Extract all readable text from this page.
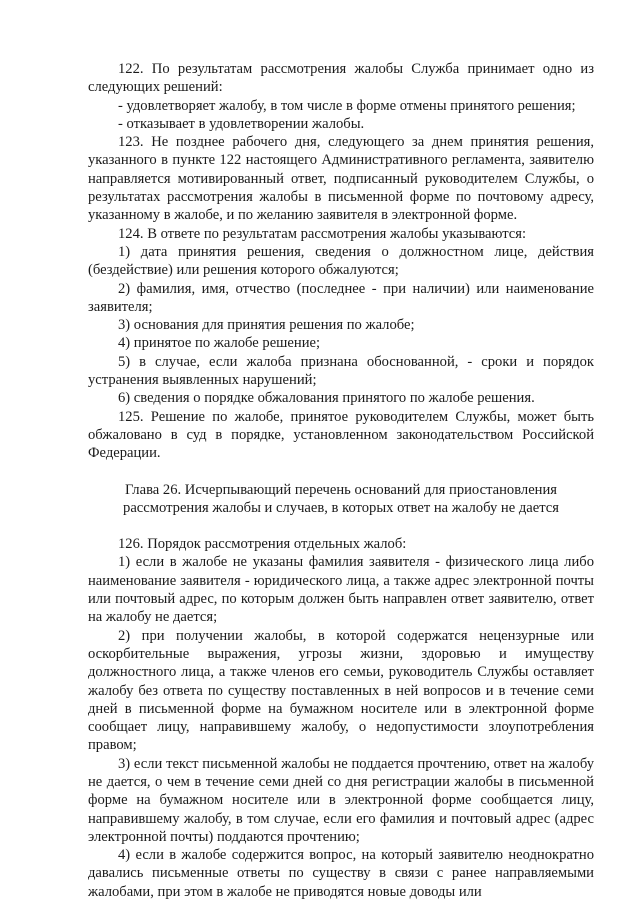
122. По результатам рассмотрения жалобы Служба принимает одно из следующих решений:

- удовлетворяет жалобу, в том числе в форме отмены принятого решения;

- отказывает в удовлетворении жалобы.

123. Не позднее рабочего дня, следующего за днем принятия решения, указанного в пункте 122 настоящего Административного регламента, заявителю направляется мотивированный ответ, подписанный руководителем Службы, о результатах рассмотрения жалобы в письменной форме по почтовому адресу, указанному в жалобе, и по желанию заявителя в электронной форме.

124. В ответе по результатам рассмотрения жалобы указываются:

1) дата принятия решения, сведения о должностном лице, действия (бездействие) или решения которого обжалуются;

2) фамилия, имя, отчество (последнее - при наличии) или наименование заявителя;

3) основания для принятия решения по жалобе;

4) принятое по жалобе решение;

5) в случае, если жалоба признана обоснованной, - сроки и порядок устранения выявленных нарушений;

6) сведения о порядке обжалования принятого по жалобе решения.

125. Решение по жалобе, принятое руководителем Службы, может быть обжаловано в суд в порядке, установленном законодательством Российской Федерации.

Глава 26. Исчерпывающий перечень оснований для приостановления
рассмотрения жалобы и случаев, в которых ответ на жалобу не дается

126. Порядок рассмотрения отдельных жалоб:

1) если в жалобе не указаны фамилия заявителя - физического лица либо наименование заявителя - юридического лица, а также адрес электронной почты или почтовый адрес, по которым должен быть направлен ответ заявителю, ответ на жалобу не дается;

2) при получении жалобы, в которой содержатся нецензурные или оскорбительные выражения, угрозы жизни, здоровью и имуществу должностного лица, а также членов его семьи, руководитель Службы оставляет жалобу без ответа по существу поставленных в ней вопросов и в течение семи дней в письменной форме на бумажном носителе или в электронной форме сообщает лицу, направившему жалобу, о недопустимости злоупотребления правом;

3) если текст письменной жалобы не поддается прочтению, ответ на жалобу не дается, о чем в течение семи дней со дня регистрации жалобы в письменной форме на бумажном носителе или в электронной форме сообщается лицу, направившему жалобу, в том случае, если его фамилия и почтовый адрес (адрес электронной почты) поддаются прочтению;

4) если в жалобе содержится вопрос, на который заявителю неоднократно давались письменные ответы по существу в связи с ранее направляемыми жалобами, при этом в жалобе не приводятся новые доводы или
